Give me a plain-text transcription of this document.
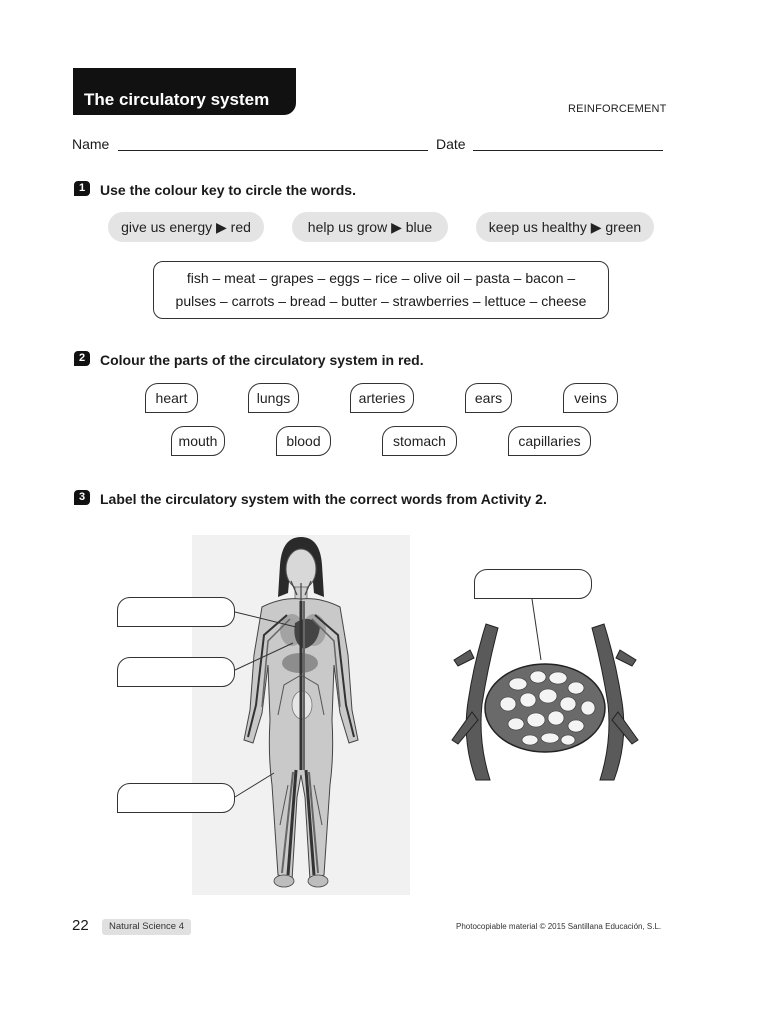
The circulatory system	REINFORCEMENT
Name	Date
1	Use the colour key to circle the words.
give us energy ▶ red	help us grow ▶ blue	keep us healthy ▶ green
fish – meat – grapes – eggs – rice – olive oil – pasta – bacon –
pulses – carrots – bread – butter – strawberries – lettuce – cheese
2	Colour the parts of the circulatory system in red.
heart	lungs	arteries	ears	veins
mouth	blood	stomach	capillaries
3	Label the circulatory system with the correct words from Activity 2.
22	Natural Science 4	Photocopiable material © 2015 Santillana Educación, S.L.
